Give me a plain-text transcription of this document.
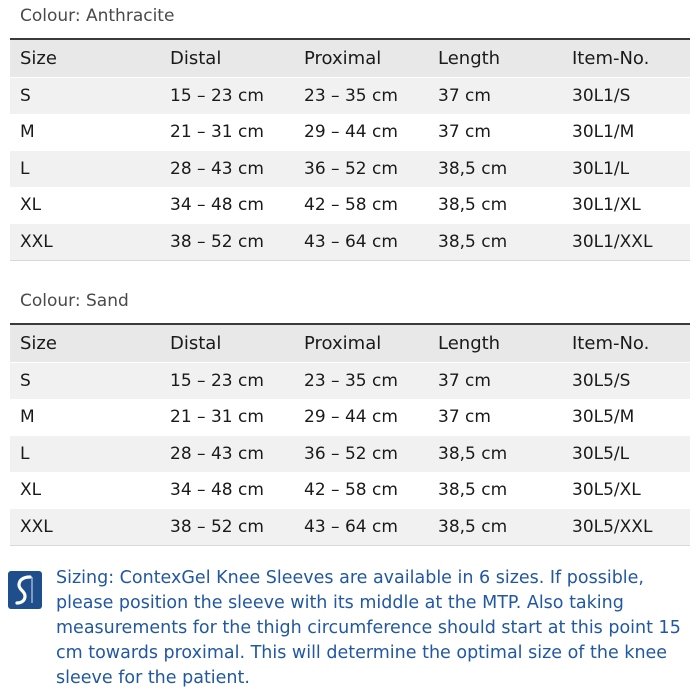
Colour: Anthracite
Size	Distal	Proximal	Length	Item-No.
S	15 – 23 cm	23 – 35 cm	37 cm	30L1/S
M	21 – 31 cm	29 – 44 cm	37 cm	30L1/M
L	28 – 43 cm	36 – 52 cm	38,5 cm	30L1/L
XL	34 – 48 cm	42 – 58 cm	38,5 cm	30L1/XL
XXL	38 – 52 cm	43 – 64 cm	38,5 cm	30L1/XXL
Colour: Sand
Size	Distal	Proximal	Length	Item-No.
S	15 – 23 cm	23 – 35 cm	37 cm	30L5/S
M	21 – 31 cm	29 – 44 cm	37 cm	30L5/M
L	28 – 43 cm	36 – 52 cm	38,5 cm	30L5/L
XL	34 – 48 cm	42 – 58 cm	38,5 cm	30L5/XL
XXL	38 – 52 cm	43 – 64 cm	38,5 cm	30L5/XXL
Sizing: ContexGel Knee Sleeves are available in 6 sizes. If possible, please position the sleeve with its middle at the MTP. Also taking measurements for the thigh circumference should start at this point 15 cm towards proximal. This will determine the optimal size of the knee sleeve for the patient.
